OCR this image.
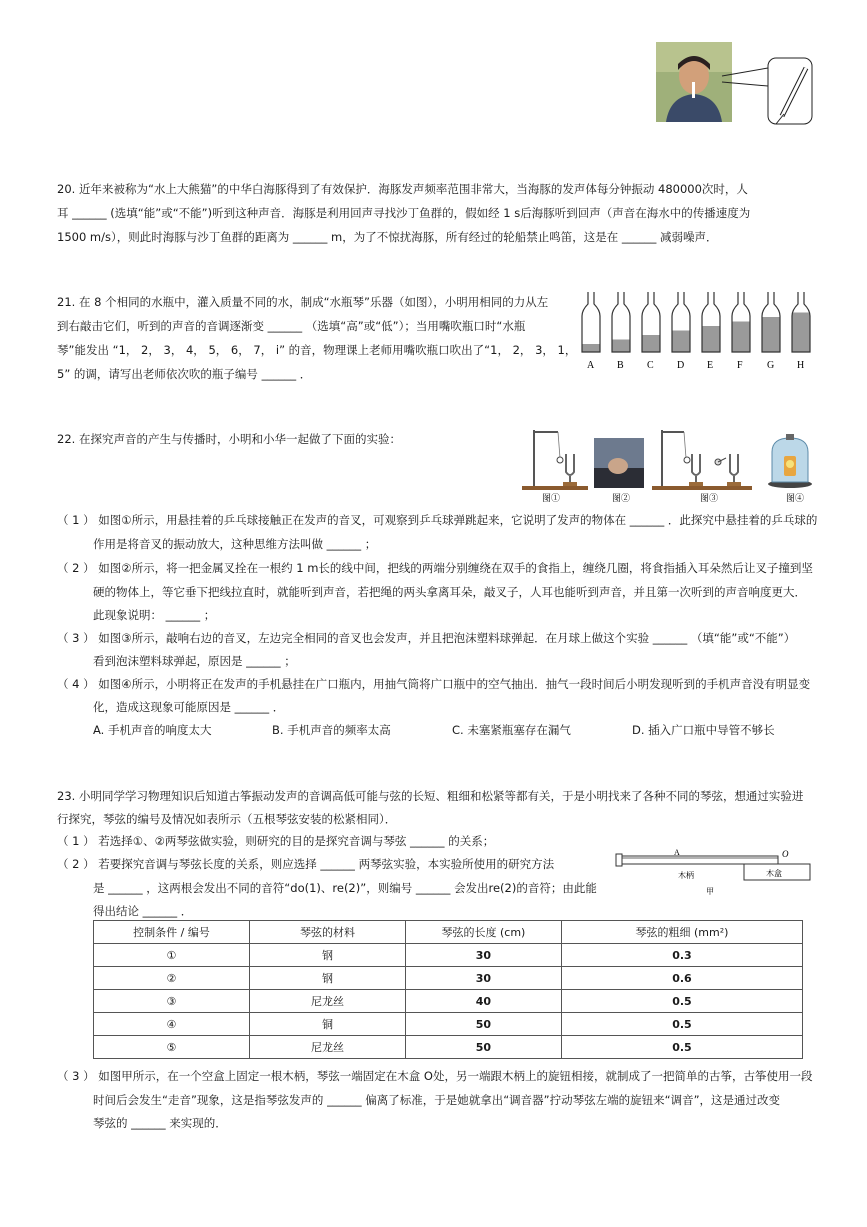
20. 近年来被称为“水上大熊猫”的中华白海豚得到了有效保护．海豚发声频率范围非常大，当海豚的发声体每分钟振动 480000次时，人
耳 ______ (选填“能”或“不能”)听到这种声音．海豚是利用回声寻找沙丁鱼群的，假如经 1 s后海豚听到回声（声音在海水中的传播速度为
1500 m/s），则此时海豚与沙丁鱼群的距离为 ______ m，为了不惊扰海豚，所有经过的轮船禁止鸣笛，这是在 ______ 减弱噪声．
21. 在 8 个相同的水瓶中，灌入质量不同的水，制成“水瓶琴”乐器（如图），小明用相同的力从左
到右敲击它们，听到的声音的音调逐渐变 ______ （选填“高”或“低”）；当用嘴吹瓶口时“水瓶
琴”能发出 “1， 2， 3， 4， 5， 6， 7， i” 的音，物理课上老师用嘴吹瓶口吹出了“1， 2， 3， 1，
5” 的调，请写出老师依次吹的瓶子编号 ______ ．
A B C D E F G H
22. 在探究声音的产生与传播时，小明和小华一起做了下面的实验：
图①	图②	图③	图④
（ 1 ） 如图①所示，用悬挂着的乒乓球接触正在发声的音叉，可观察到乒乓球弹跳起来，它说明了发声的物体在 ______ ．此探究中悬挂着的乒乓球的
作用是将音叉的振动放大，这种思维方法叫做 ______ ；
（ 2 ） 如图②所示，将一把金属叉拴在一根约 1 m长的线中间，把线的两端分别缠绕在双手的食指上，缠绕几圈，将食指插入耳朵然后让叉子撞到坚
硬的物体上，等它垂下把线拉直时，就能听到声音，若把绳的两头拿离耳朵，敲叉子，人耳也能听到声音，并且第一次听到的声音响度更大．
此现象说明： ______ ；
（ 3 ） 如图③所示，敲响右边的音叉，左边完全相同的音叉也会发声，并且把泡沫塑料球弹起．在月球上做这个实验 ______ （填“能”或“不能”）
看到泡沫塑料球弹起，原因是 ______ ；
（ 4 ） 如图④所示，小明将正在发声的手机悬挂在广口瓶内，用抽气筒将广口瓶中的空气抽出．抽气一段时间后小明发现听到的手机声音没有明显变
化，造成这现象可能原因是 ______ ．
A. 手机声音的响度太大	B. 手机声音的频率太高	C. 未塞紧瓶塞存在漏气	D. 插入广口瓶中导管不够长
23. 小明同学学习物理知识后知道古筝振动发声的音调高低可能与弦的长短、粗细和松紧等都有关，于是小明找来了各种不同的琴弦，想通过实验进
行探究，琴弦的编号及情况如表所示（五根琴弦安装的松紧相同）．
（ 1 ） 若选择①、②两琴弦做实验，则研究的目的是探究音调与琴弦 ______ 的关系；
（ 2 ） 若要探究音调与琴弦长度的关系，则应选择 ______ 两琴弦实验，本实验所使用的研究方法
是 ______ ，这两根会发出不同的音符“do(1)、re(2)”，则编号 ______ 会发出re(2)的音符；由此能
得出结论 ______ ．
A	O
木柄	木盒
甲
控制条件 / 编号	琴弦的材料	琴弦的长度 (cm)	琴弦的粗细 (mm²)
①	钢	30	0.3
②	钢	30	0.6
③	尼龙丝	40	0.5
④	铜	50	0.5
⑤	尼龙丝	50	0.5
（ 3 ） 如图甲所示，在一个空盒上固定一根木柄，琴弦一端固定在木盒 O处，另一端跟木柄上的旋钮相接，就制成了一把简单的古筝，古筝使用一段
时间后会发生“走音”现象，这是指琴弦发声的 ______ 偏离了标准，于是她就拿出“调音器”拧动琴弦左端的旋钮来“调音”，这是通过改变
琴弦的 ______ 来实现的．
